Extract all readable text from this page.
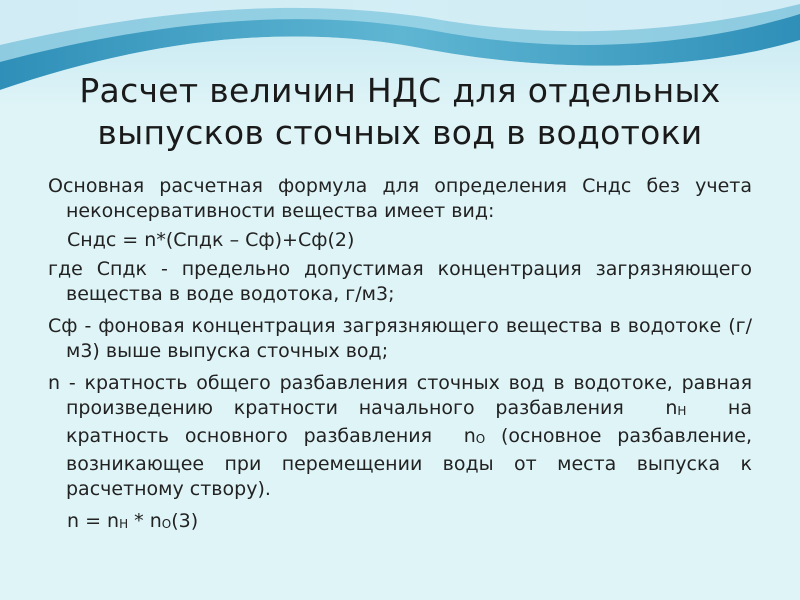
Расчет величин НДС для отдельных
выпусков сточных вод в водотоки
Основная расчетная формула для определения Сндс без учета неконсервативности вещества имеет вид:
Сндс = n*(Спдк – Сф)+Сф(2)
где Спдк - предельно допустимая концентрация загрязняющего вещества в воде водотока, г/м3;
Сф - фоновая концентрация загрязняющего вещества в водотоке (г/м3) выше выпуска сточных вод;
n - кратность общего разбавления сточных вод в водотоке, равная произведению кратности начального разбавления nН на кратность основного разбавления nО (основное разбавление, возникающее при перемещении воды от места выпуска к расчетному створу).
n = nН * nО(3)
